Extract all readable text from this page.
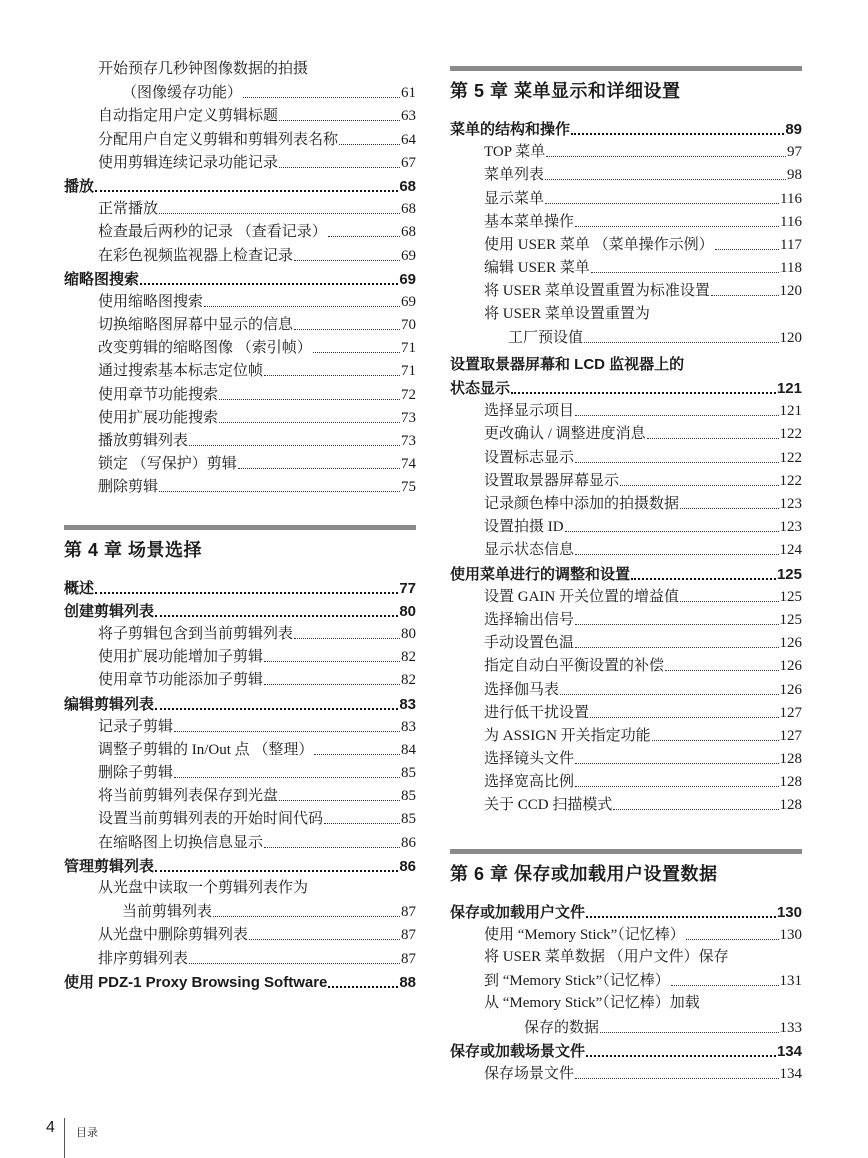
开始预存几秒钟图像数据的拍摄
（图像缓存功能）	61
自动指定用户定义剪辑标题	63
分配用户自定义剪辑和剪辑列表名称	64
使用剪辑连续记录功能记录	67
播放	68
正常播放	68
检查最后两秒的记录 （查看记录）	68
在彩色视频监视器上检查记录	69
缩略图搜索	69
使用缩略图搜索	69
切换缩略图屏幕中显示的信息	70
改变剪辑的缩略图像 （索引帧）	71
通过搜索基本标志定位帧	71
使用章节功能搜索	72
使用扩展功能搜索	73
播放剪辑列表	73
锁定 （写保护）剪辑	74
删除剪辑	75
第 4 章 场景选择
概述	77
创建剪辑列表	80
将子剪辑包含到当前剪辑列表	80
使用扩展功能增加子剪辑	82
使用章节功能添加子剪辑	82
编辑剪辑列表	83
记录子剪辑	83
调整子剪辑的 In/Out 点 （整理）	84
删除子剪辑	85
将当前剪辑列表保存到光盘	85
设置当前剪辑列表的开始时间代码	85
在缩略图上切换信息显示	86
管理剪辑列表	86
从光盘中读取一个剪辑列表作为
当前剪辑列表	87
从光盘中删除剪辑列表	87
排序剪辑列表	87
使用 PDZ-1 Proxy Browsing Software	88
第 5 章 菜单显示和详细设置
菜单的结构和操作	89
TOP 菜单	97
菜单列表	98
显示菜单	116
基本菜单操作	116
使用 USER 菜单 （菜单操作示例）	117
编辑 USER 菜单	118
将 USER 菜单设置重置为标准设置	120
将 USER 菜单设置重置为
工厂预设值	120
设置取景器屏幕和 LCD 监视器上的
状态显示	121
选择显示项目	121
更改确认 / 调整进度消息	122
设置标志显示	122
设置取景器屏幕显示	122
记录颜色棒中添加的拍摄数据	123
设置拍摄 ID	123
显示状态信息	124
使用菜单进行的调整和设置	125
设置 GAIN 开关位置的增益值	125
选择输出信号	125
手动设置色温	126
指定自动白平衡设置的补偿	126
选择伽马表	126
进行低干扰设置	127
为 ASSIGN 开关指定功能	127
选择镜头文件	128
选择宽高比例	128
关于 CCD 扫描模式	128
第 6 章 保存或加载用户设置数据
保存或加载用户文件	130
使用 “Memory Stick”（记忆棒）	130
将 USER 菜单数据 （用户文件）保存
到 “Memory Stick”（记忆棒）	131
从 “Memory Stick”（记忆棒）加载
保存的数据	133
保存或加载场景文件	134
保存场景文件	134
4 目录
